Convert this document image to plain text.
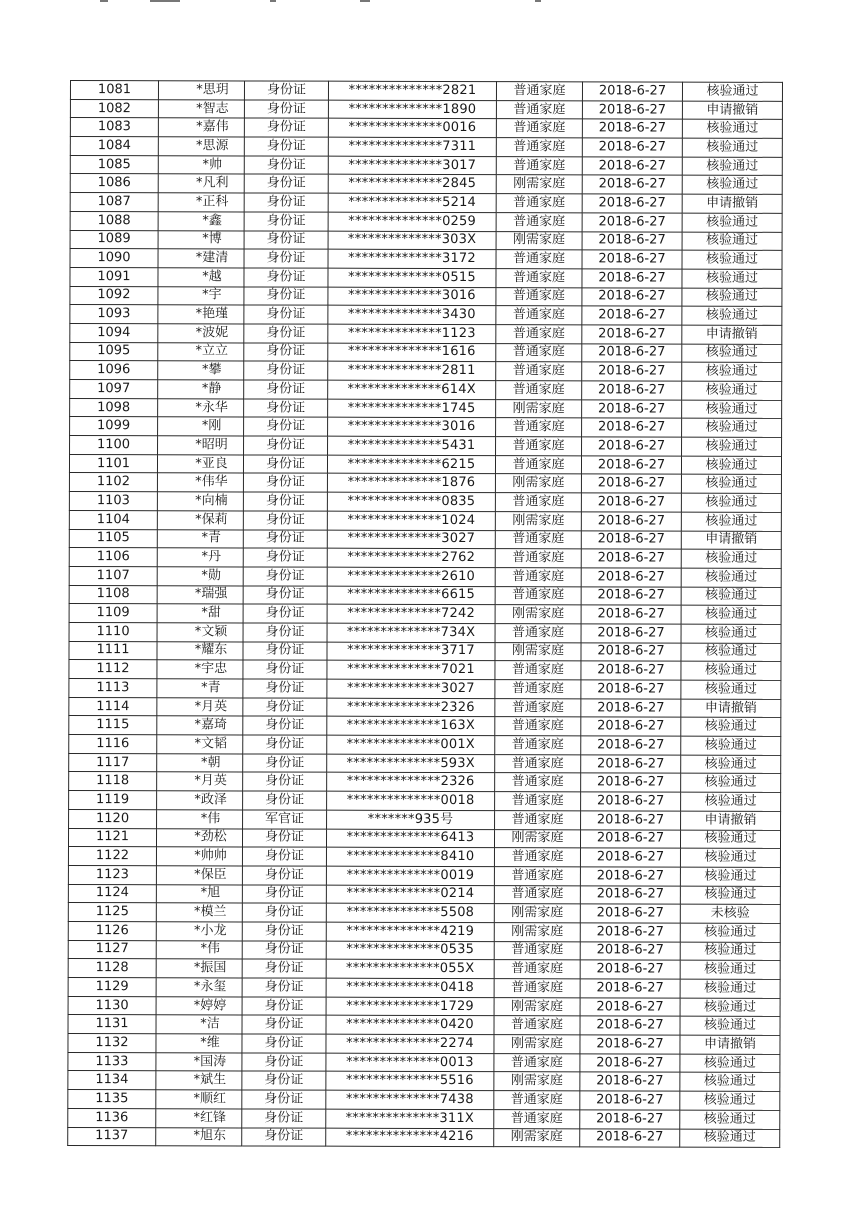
1081	*思玥	身份证	**************2821	普通家庭	2018-6-27	核验通过
1082	*智志	身份证	**************1890	普通家庭	2018-6-27	申请撤销
1083	*嘉伟	身份证	**************0016	普通家庭	2018-6-27	核验通过
1084	*思源	身份证	**************7311	普通家庭	2018-6-27	核验通过
1085	*帅	身份证	**************3017	普通家庭	2018-6-27	核验通过
1086	*凡利	身份证	**************2845	刚需家庭	2018-6-27	核验通过
1087	*正科	身份证	**************5214	普通家庭	2018-6-27	申请撤销
1088	*鑫	身份证	**************0259	普通家庭	2018-6-27	核验通过
1089	*博	身份证	**************303X	刚需家庭	2018-6-27	核验通过
1090	*建清	身份证	**************3172	普通家庭	2018-6-27	核验通过
1091	*越	身份证	**************0515	普通家庭	2018-6-27	核验通过
1092	*宇	身份证	**************3016	普通家庭	2018-6-27	核验通过
1093	*艳瑾	身份证	**************3430	普通家庭	2018-6-27	核验通过
1094	*波妮	身份证	**************1123	普通家庭	2018-6-27	申请撤销
1095	*立立	身份证	**************1616	普通家庭	2018-6-27	核验通过
1096	*攀	身份证	**************2811	普通家庭	2018-6-27	核验通过
1097	*静	身份证	**************614X	普通家庭	2018-6-27	核验通过
1098	*永华	身份证	**************1745	刚需家庭	2018-6-27	核验通过
1099	*刚	身份证	**************3016	普通家庭	2018-6-27	核验通过
1100	*昭明	身份证	**************5431	普通家庭	2018-6-27	核验通过
1101	*亚良	身份证	**************6215	普通家庭	2018-6-27	核验通过
1102	*伟华	身份证	**************1876	刚需家庭	2018-6-27	核验通过
1103	*向楠	身份证	**************0835	普通家庭	2018-6-27	核验通过
1104	*保莉	身份证	**************1024	刚需家庭	2018-6-27	核验通过
1105	*青	身份证	**************3027	普通家庭	2018-6-27	申请撤销
1106	*丹	身份证	**************2762	普通家庭	2018-6-27	核验通过
1107	*勋	身份证	**************2610	普通家庭	2018-6-27	核验通过
1108	*瑞强	身份证	**************6615	普通家庭	2018-6-27	核验通过
1109	*甜	身份证	**************7242	刚需家庭	2018-6-27	核验通过
1110	*文颖	身份证	**************734X	普通家庭	2018-6-27	核验通过
1111	*耀东	身份证	**************3717	刚需家庭	2018-6-27	核验通过
1112	*宇忠	身份证	**************7021	普通家庭	2018-6-27	核验通过
1113	*青	身份证	**************3027	普通家庭	2018-6-27	核验通过
1114	*月英	身份证	**************2326	普通家庭	2018-6-27	申请撤销
1115	*嘉琦	身份证	**************163X	普通家庭	2018-6-27	核验通过
1116	*文韬	身份证	**************001X	普通家庭	2018-6-27	核验通过
1117	*朝	身份证	**************593X	普通家庭	2018-6-27	核验通过
1118	*月英	身份证	**************2326	普通家庭	2018-6-27	核验通过
1119	*政泽	身份证	**************0018	普通家庭	2018-6-27	核验通过
1120	*伟	军官证	*******935号	普通家庭	2018-6-27	申请撤销
1121	*劲松	身份证	**************6413	刚需家庭	2018-6-27	核验通过
1122	*帅帅	身份证	**************8410	普通家庭	2018-6-27	核验通过
1123	*保臣	身份证	**************0019	普通家庭	2018-6-27	核验通过
1124	*旭	身份证	**************0214	普通家庭	2018-6-27	核验通过
1125	*模兰	身份证	**************5508	刚需家庭	2018-6-27	未核验
1126	*小龙	身份证	**************4219	刚需家庭	2018-6-27	核验通过
1127	*伟	身份证	**************0535	普通家庭	2018-6-27	核验通过
1128	*振国	身份证	**************055X	普通家庭	2018-6-27	核验通过
1129	*永玺	身份证	**************0418	普通家庭	2018-6-27	核验通过
1130	*婷婷	身份证	**************1729	刚需家庭	2018-6-27	核验通过
1131	*洁	身份证	**************0420	普通家庭	2018-6-27	核验通过
1132	*维	身份证	**************2274	刚需家庭	2018-6-27	申请撤销
1133	*国涛	身份证	**************0013	普通家庭	2018-6-27	核验通过
1134	*斌生	身份证	**************5516	刚需家庭	2018-6-27	核验通过
1135	*顺红	身份证	**************7438	普通家庭	2018-6-27	核验通过
1136	*红锋	身份证	**************311X	普通家庭	2018-6-27	核验通过
1137	*旭东	身份证	**************4216	刚需家庭	2018-6-27	核验通过
